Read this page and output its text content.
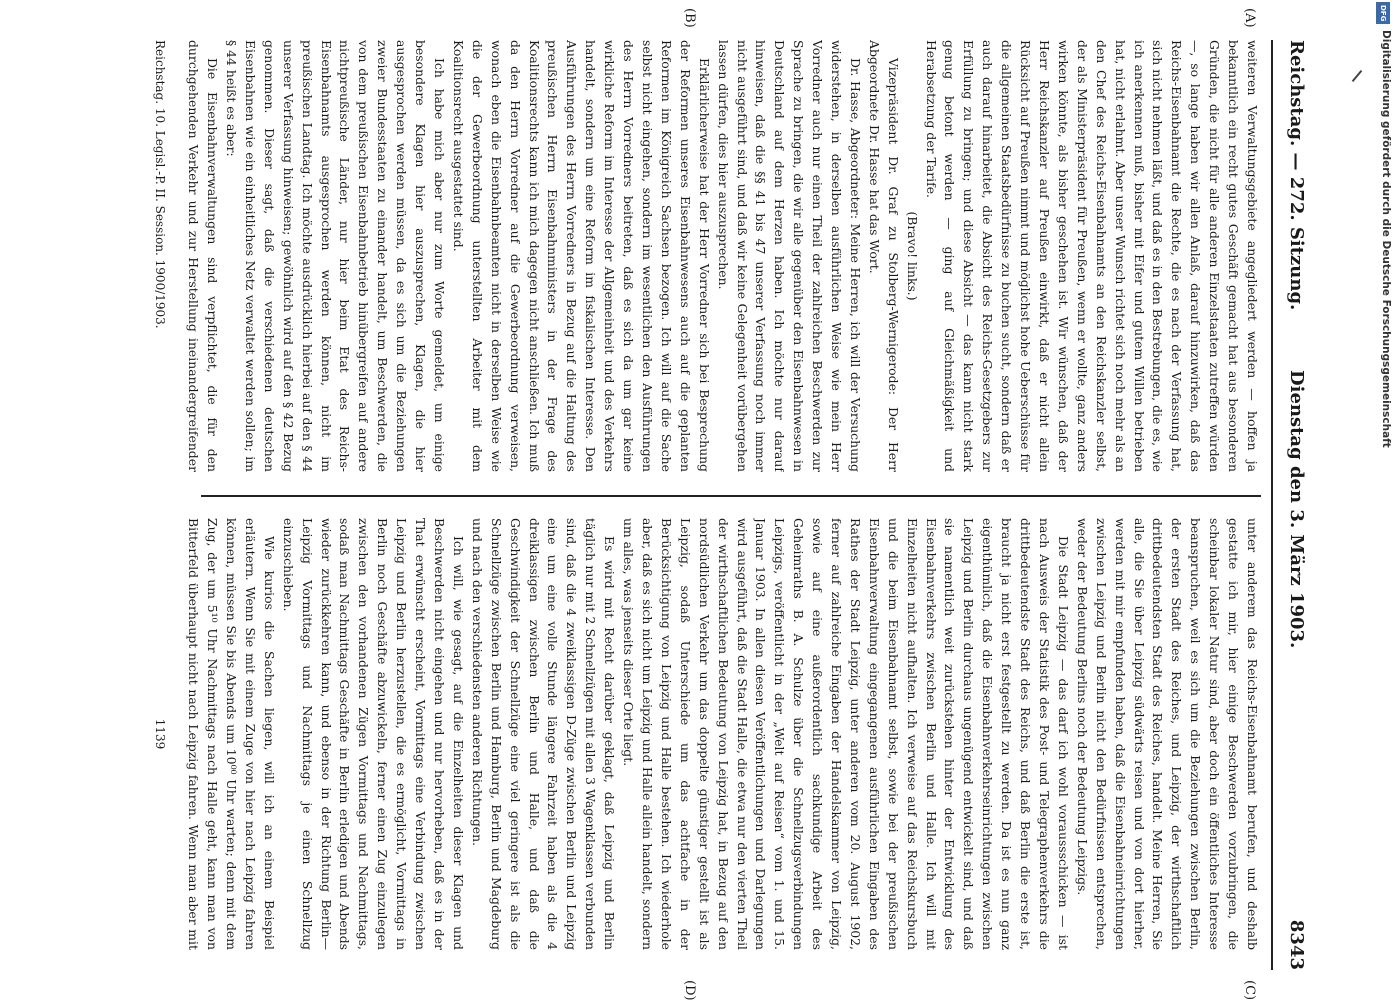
Reichstag. — 272. Sitzung.
Dienstag den 3. März 1903.
8343
(A)
(B)
(C)
(D)

weiteren Verwaltungsgebiete angegliedert werden — hoffen ja bekanntlich ein recht gutes Geschäft gemacht hat aus besonderen Gründen, die nicht für alle anderen Einzelstaaten zutreffen würden —, so lange haben wir allen Anlaß, darauf hinzuwirken, daß das Reichs-Eisenbahnamt die Rechte, die es nach der Verfassung hat, sich nicht nehmen läßt, und daß es in den Bestrebungen, die es, wie ich anerkennen muß, bisher mit Eifer und gutem Willen betrieben hat, nicht erlahmt. Aber unser Wunsch richtet sich noch mehr als an den Chef des Reichs-Eisenbahnamts an den Reichskanzler selbst, der als Ministerpräsident für Preußen, wenn er wollte, ganz anders wirken könnte, als bisher geschehen ist. Wir wünschen, daß der Herr Reichskanzler auf Preußen einwirkt, daß er nicht allein Rücksicht auf Preußen nimmt und möglichst hohe Ueberschüsse für die allgemeinen Staatsbedürfnisse zu buchen sucht, sondern daß er auch darauf hinarbeitet, die Absicht des Reichs-Gesetzgebers zur Erfüllung zu bringen; und diese Absicht — das kann nicht stark genug betont werden — ging auf Gleichmäßigkeit und Herabsetzung der Tarife.

(Bravo! links.)

Vizepräsident Dr. Graf zu Stolberg-Wernigerode: Der Herr Abgeordnete Dr. Hasse hat das Wort.

Dr. Hasse, Abgeordneter: Meine Herren, ich will der Versuchung widerstehen, in derselben ausführlichen Weise wie mein Herr Vorredner auch nur einen Theil der zahlreichen Beschwerden zur Sprache zu bringen, die wir alle gegenüber den Eisenbahnwesen in Deutschland auf dem Herzen haben. Ich möchte nur darauf hinweisen, daß die §§ 41 bis 47 unserer Verfassung noch immer nicht ausgeführt sind, und daß wir keine Gelegenheit vorübergehen lassen dürfen, dies hier auszusprechen.

Erklärlicherweise hat der Herr Vorredner sich bei Besprechung der Reformen unseres Eisenbahnwesens auch auf die geplanten Reformen im Königreich Sachsen bezogen. Ich will auf die Sache selbst nicht eingehen, sondern im wesentlichen den Ausführungen des Herrn Vorredners beitreten, daß es sich da um gar keine wirkliche Reform im Interesse der Allgemeinheit und des Verkehrs handelt, sondern um eine Reform im fiskalischen Interesse. Den Ausführungen des Herrn Vorredners in Bezug auf die Haltung des preußischen Herrn Eisenbahnministers in der Frage des Koalitionsrechts kann ich mich dagegen nicht anschließen. Ich muß da den Herrn Vorredner auf die Gewerbeordnung verweisen, wonach eben die Eisenbahnbeamten nicht in derselben Weise wie die der Gewerbeordnung unterstellten Arbeiter mit dem Koalitionsrecht ausgestattet sind.

Ich habe mich aber nur zum Worte gemeldet, um einige besondere Klagen hier auszusprechen, Klagen, die hier ausgesprochen werden müssen, da es sich um die Beziehungen zweier Bundesstaaten zu einander handelt, um Beschwerden, die von dem preußischen Eisenbahnbetrieb hinübergreifen auf andere nichtpreußische Länder, nur hier beim Etat des Reichs-Eisenbahnamts ausgesprochen werden können, nicht im preußischen Landtag. Ich möchte ausdrücklich hierbei auf den § 44 unserer Verfassung hinweisen; gewöhnlich wird auf den § 42 Bezug genommen. Dieser sagt, daß die verschiedenen deutschen Eisenbahnen wie ein einheitliches Netz verwaltet werden sollen; im § 44 heißt es aber:

Die Eisenbahnverwaltungen sind verpflichtet, die für den durchgehenden Verkehr und zur Herstellung ineinandergreifender

unter anderem das Reichs-Eisenbahnamt berufen, und deshalb gestatte ich mir, hier einige Beschwerden vorzubringen, die scheinbar lokaler Natur sind, aber doch ein öffentliches Interesse beanspruchen, weil es sich um die Beziehungen zwischen Berlin, der ersten Stadt des Reiches, und Leipzig, der wirthschaftlich drittbedeutendsten Stadt des Reiches, handelt. Meine Herren, Sie alle, die Sie über Leipzig südwärts reisen und von dort hierher, werden mit mir empfunden haben, daß die Eisenbahneinrichtungen zwischen Leipzig und Berlin nicht den Bedürfnissen entsprechen, weder der Bedeutung Berlins noch der Bedeutung Leipzigs.

Die Stadt Leipzig — das darf ich wohl voraussschicken — ist nach Ausweis der Statistik des Post- und Telegraphenverkehrs die drittbedeutendste Stadt des Reichs, und daß Berlin die erste ist, braucht ja nicht erst festgestellt zu werden. Da ist es nun ganz eigenthümlich, daß die Eisenbahnverkehrseinrichtungen zwischen Leipzig und Berlin durchaus ungenügend entwickelt sind, und daß sie namentlich weit zurückstehen hinter der Entwicklung des Eisenbahnverkehrs zwischen Berlin und Halle. Ich will mit Einzelheiten nicht aufhalten. Ich verweise auf das Reichskursbuch und die beim Eisenbahnamt selbst, sowie bei der preußischen Eisenbahnverwaltung eingegangenen ausführlichen Eingaben des Rathes der Stadt Leipzig, unter anderen vom 20. August 1902, ferner auf zahlreiche Eingaben der Handelskammer von Leipzig, sowie auf eine außerordentlich sachkundige Arbeit des Geheimraths B. A. Schulze über die Schnellzugsverbindungen Leipzigs, veröffentlicht in der „Welt auf Reisen“ vom 1. und 15. Januar 1903. In allen diesen Veröffentlichungen und Darlegungen wird ausgeführt, daß die Stadt Halle, die etwa nur den vierten Theil der wirthschaftlichen Bedeutung von Leipzig hat, in Bezug auf den nordsüdlichen Verkehr um das doppelte günstiger gestellt ist als Leipzig, sodaß Unterschiede um das achtfache in der Berücksichtigung von Leipzig und Halle bestehen. Ich wiederhole aber, daß es sich nicht um Leipzig und Halle allein handelt, sondern um alles, was jenseits dieser Orte liegt.

Es wird mit Recht darüber geklagt, daß Leipzig und Berlin täglich nur mit 2 Schnellzügen mit allen 3 Wagenklassen verbunden sind, daß die 4 zweiklassigen D-Züge zwischen Berlin und Leipzig eine um eine volle Stunde längere Fahrzeit haben als die 4 dreiklassigen zwischen Berlin und Halle, und daß die Geschwindigkeit der Schnellzüge eine viel geringere ist als die Schnellzüge zwischen Berlin und Hamburg, Berlin und Magdeburg und nach den verschiedensten anderen Richtungen.

Ich will, wie gesagt, auf die Einzelheiten dieser Klagen und Beschwerden nicht eingehen und nur hervorheben, daß es in der That erwünscht erscheint, Vormittags eine Verbindung zwischen Leipzig und Berlin herzustellen, die es ermöglicht, Vormittags in Berlin noch Geschäfte abzuwickeln, ferner einen Zug einzulegen zwischen den vorhandenen Zügen Vormittags und Nachmittags, sodaß man Nachmittags Geschäfte in Berlin erledigen und Abends wieder zurückkehren kann, und ebenso in der Richtung Berlin—Leipzig Vormittags und Nachmittags je einen Schnellzug einzuschieben.

Wie kurios die Sachen liegen, will ich an einem Beispiel erläutern. Wenn Sie mit einem Zuge von hier nach Leipzig fahren können, müssen Sie bis Abends um 10⁰⁰ Uhr warten; denn mit dem Zug, der um 5¹⁰ Uhr Nachmittags nach Halle geht, kann man von Bitterfeld überhaupt nicht nach Leipzig fahren. Wenn man aber mit

Reichstag. 10. Legisl.-P. II. Session. 1900/1903.
1139
Digitalisierung gefördert durch die Deutsche Forschungsgemeinschaft
DFG
